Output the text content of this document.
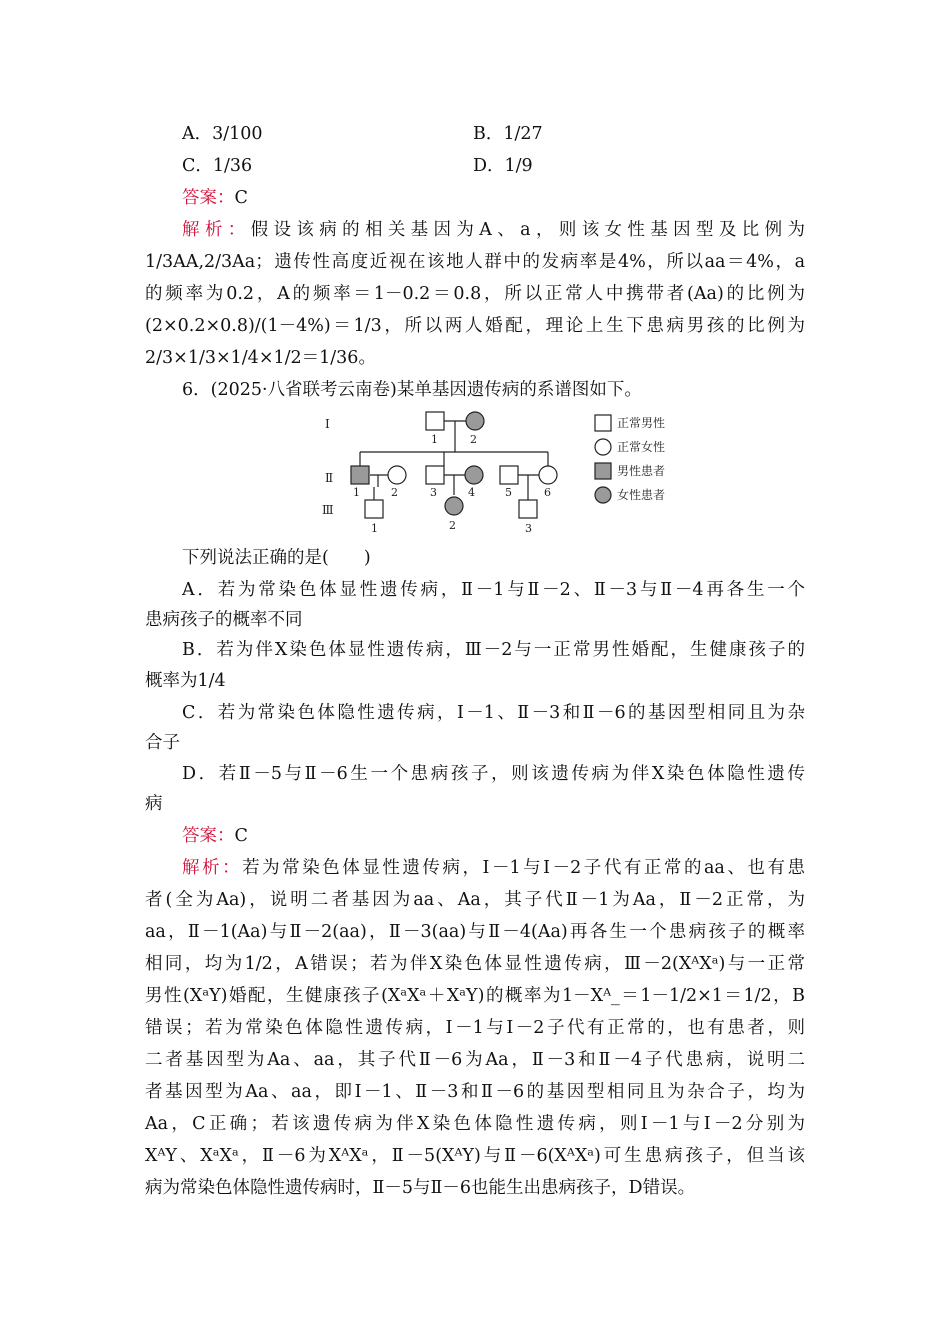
A．3/100	B．1/27
C．1/36	D．1/9
答案：C
解析：假设该病的相关基因为A、a，则该女性基因型及比例为
1/3AA,2/3Aa；遗传性高度近视在该地人群中的发病率是4%，所以aa＝4%，a
的频率为0.2，A的频率＝1－0.2＝0.8，所以正常人中携带者(Aa)的比例为
(2×0.2×0.8)/(1－4%)＝1/3，所以两人婚配，理论上生下患病男孩的比例为
2/3×1/3×1/4×1/2＝1/36。
6．(2025·八省联考云南卷)某单基因遗传病的系谱图如下。
Ⅰ
Ⅱ
Ⅲ
1	2
1	2	3	4	5	6
1	2	3
正常男性
正常女性
男性患者
女性患者
下列说法正确的是(　　)
A．若为常染色体显性遗传病，Ⅱ－1与Ⅱ－2、Ⅱ－3与Ⅱ－4再各生一个
患病孩子的概率不同
B．若为伴X染色体显性遗传病，Ⅲ－2与一正常男性婚配，生健康孩子的
概率为1/4
C．若为常染色体隐性遗传病，Ⅰ－1、Ⅱ－3和Ⅱ－6的基因型相同且为杂
合子
D．若Ⅱ－5与Ⅱ－6生一个患病孩子，则该遗传病为伴X染色体隐性遗传
病
答案：C
解析：若为常染色体显性遗传病，Ⅰ－1与Ⅰ－2子代有正常的aa、也有患
者(全为Aa)，说明二者基因为aa、Aa，其子代Ⅱ－1为Aa，Ⅱ－2正常，为
aa，Ⅱ－1(Aa)与Ⅱ－2(aa)，Ⅱ－3(aa)与Ⅱ－4(Aa)再各生一个患病孩子的概率
相同，均为1/2，A错误；若为伴X染色体显性遗传病，Ⅲ－2(XᴬXᵃ)与一正常
男性(XᵃY)婚配，生健康孩子(XᵃXᵃ＋XᵃY)的概率为1－Xᴬ_＝1－1/2×1＝1/2，B
错误；若为常染色体隐性遗传病，Ⅰ－1与Ⅰ－2子代有正常的，也有患者，则
二者基因型为Aa、aa，其子代Ⅱ－6为Aa，Ⅱ－3和Ⅱ－4子代患病，说明二
者基因型为Aa、aa，即Ⅰ－1、Ⅱ－3和Ⅱ－6的基因型相同且为杂合子，均为
Aa，C正确；若该遗传病为伴X染色体隐性遗传病，则Ⅰ－1与Ⅰ－2分别为
XᴬY、XᵃXᵃ，Ⅱ－6为XᴬXᵃ，Ⅱ－5(XᴬY)与Ⅱ－6(XᴬXᵃ)可生患病孩子，但当该
病为常染色体隐性遗传病时，Ⅱ－5与Ⅱ－6也能生出患病孩子，D错误。
